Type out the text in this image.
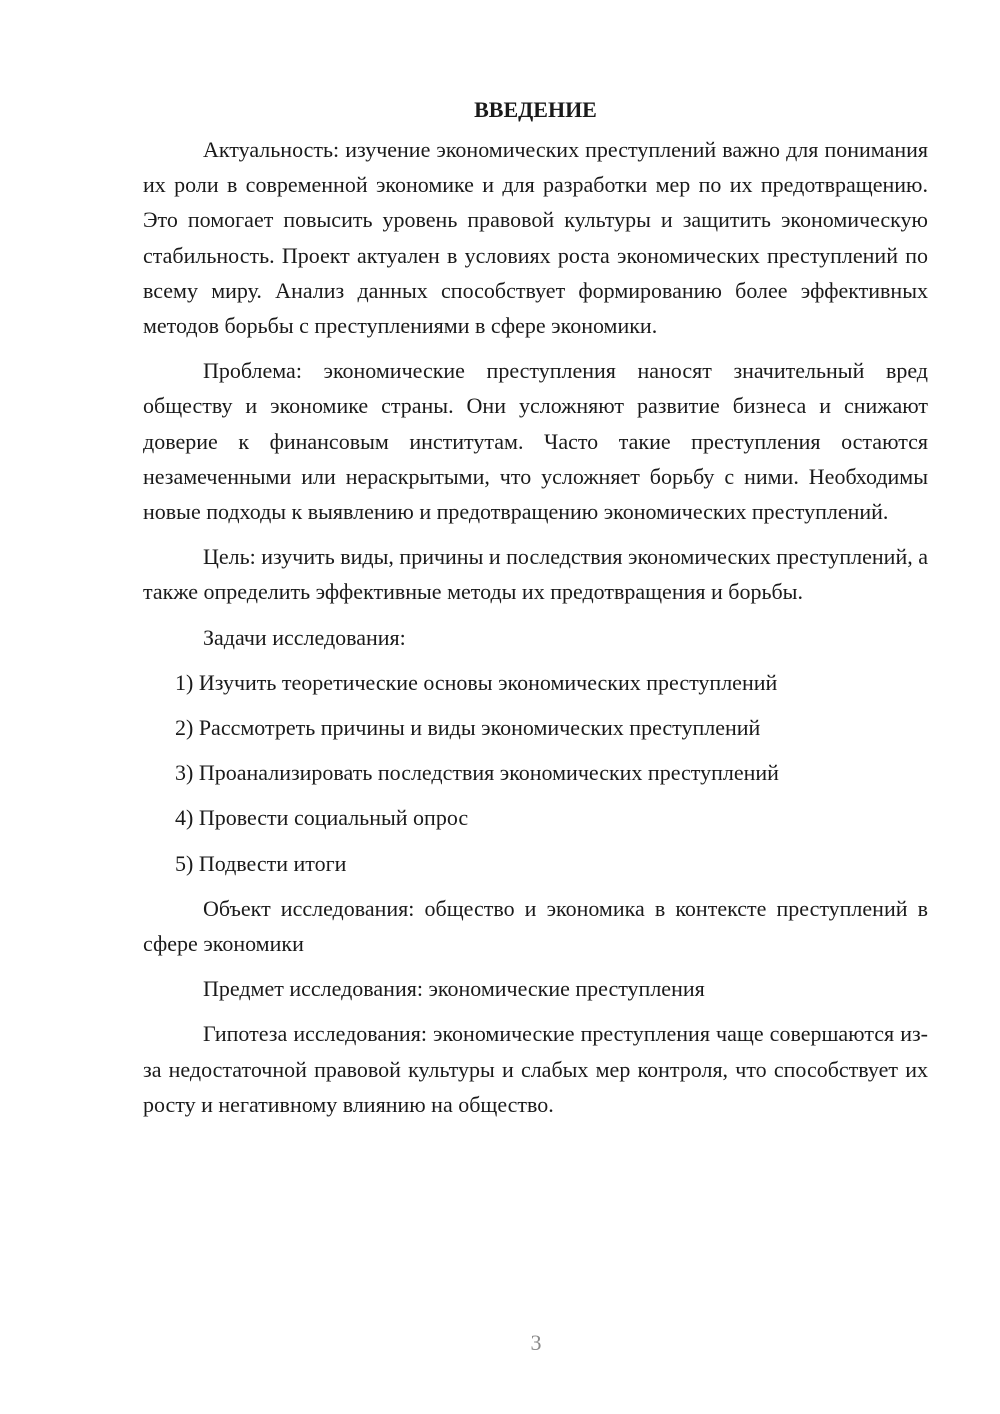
ВВЕДЕНИЕ

Актуальность: изучение экономических преступлений важно для понимания их роли в современной экономике и для разработки мер по их предотвращению. Это помогает повысить уровень правовой культуры и защитить экономическую стабильность. Проект актуален в условиях роста экономических преступлений по всему миру. Анализ данных способствует формированию более эффективных методов борьбы с преступлениями в сфере экономики.

Проблема: экономические преступления наносят значительный вред обществу и экономике страны. Они усложняют развитие бизнеса и снижают доверие к финансовым институтам. Часто такие преступления остаются незамеченными или нераскрытыми, что усложняет борьбу с ними. Необходимы новые подходы к выявлению и предотвращению экономических преступлений.

Цель: изучить виды, причины и последствия экономических преступлений, а также определить эффективные методы их предотвращения и борьбы.

Задачи исследования:

1) Изучить теоретические основы экономических преступлений
2) Рассмотреть причины и виды экономических преступлений
3) Проанализировать последствия экономических преступлений
4) Провести социальный опрос
5) Подвести итоги

Объект исследования: общество и экономика в контексте преступлений в сфере экономики

Предмет исследования: экономические преступления

Гипотеза исследования: экономические преступления чаще совершаются из-за недостаточной правовой культуры и слабых мер контроля, что способствует их росту и негативному влиянию на общество.

3
